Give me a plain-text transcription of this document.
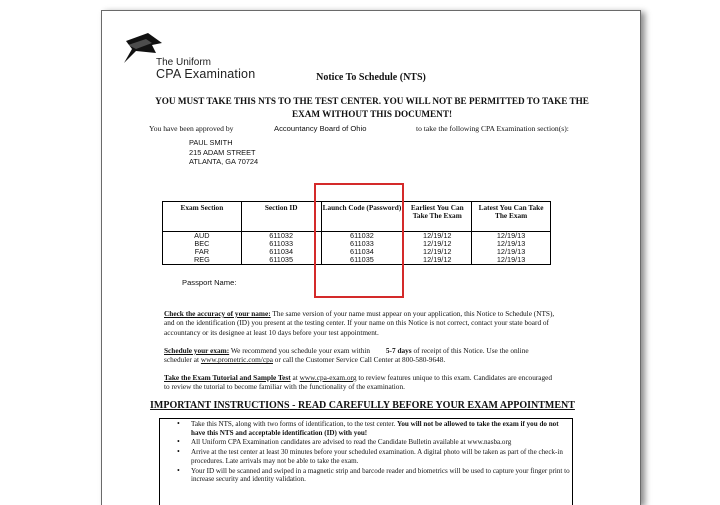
The Uniform
CPA Examination	Notice To Schedule (NTS)
YOU MUST TAKE THIS NTS TO THE TEST CENTER. YOU WILL NOT BE PERMITTED TO TAKE THE EXAM WITHOUT THIS DOCUMENT!
You have been approved by	Accountancy Board of Ohio	to take the following CPA Examination section(s):
PAUL SMITH
215 ADAM STREET
ATLANTA, GA 70724
Exam Section	Section ID	Launch Code (Password)	Earliest You Can Take The Exam	Latest You Can Take The Exam
AUD	611032	611032	12/19/12	12/19/13
BEC	611033	611033	12/19/12	12/19/13
FAR	611034	611034	12/19/12	12/19/13
REG	611035	611035	12/19/12	12/19/13
Passport Name:
Check the accuracy of your name: The same version of your name must appear on your application, this Notice to Schedule (NTS), and on the identification (ID) you present at the testing center. If your name on this Notice is not correct, contact your state board of accountancy or its designee at least 10 days before your test appointment.
Schedule your exam: We recommend you schedule your exam within 5-7 days of receipt of this Notice. Use the online scheduler at www.prometric.com/cpa or call the Customer Service Call Center at 800-580-9648.
Take the Exam Tutorial and Sample Test at www.cpa-exam.org to review features unique to this exam. Candidates are encouraged to review the tutorial to become familiar with the functionality of the examination.
IMPORTANT INSTRUCTIONS - READ CAREFULLY BEFORE YOUR EXAM APPOINTMENT
• Take this NTS, along with two forms of identification, to the test center. You will not be allowed to take the exam if you do not have this NTS and acceptable identification (ID) with you!
• All Uniform CPA Examination candidates are advised to read the Candidate Bulletin available at www.nasba.org
• Arrive at the test center at least 30 minutes before your scheduled examination. A digital photo will be taken as part of the check-in procedures. Late arrivals may not be able to take the exam.
• Your ID will be scanned and swiped in a magnetic strip and barcode reader and biometrics will be used to capture your finger print to increase security and identity validation.
